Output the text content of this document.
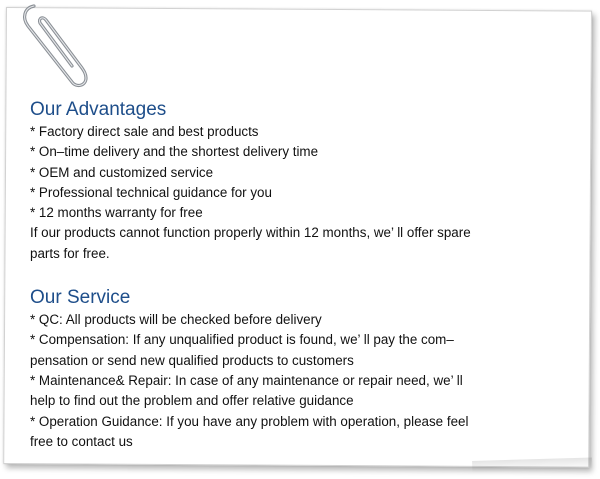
Our Advantages

* Factory direct sale and best products

* On–time delivery and the shortest delivery time

* OEM and customized service

* Professional technical guidance for you

* 12 months warranty for free

If our products cannot function properly within 12 months, we’ ll offer spare

parts for free.

Our Service

* QC: All products will be checked before delivery

* Compensation: If any unqualified product is found, we’ ll pay the com–

pensation or send new qualified products to customers

* Maintenance& Repair: In case of any maintenance or repair need, we’ ll

help to find out the problem and offer relative guidance

* Operation Guidance: If you have any problem with operation, please feel

free to contact us
